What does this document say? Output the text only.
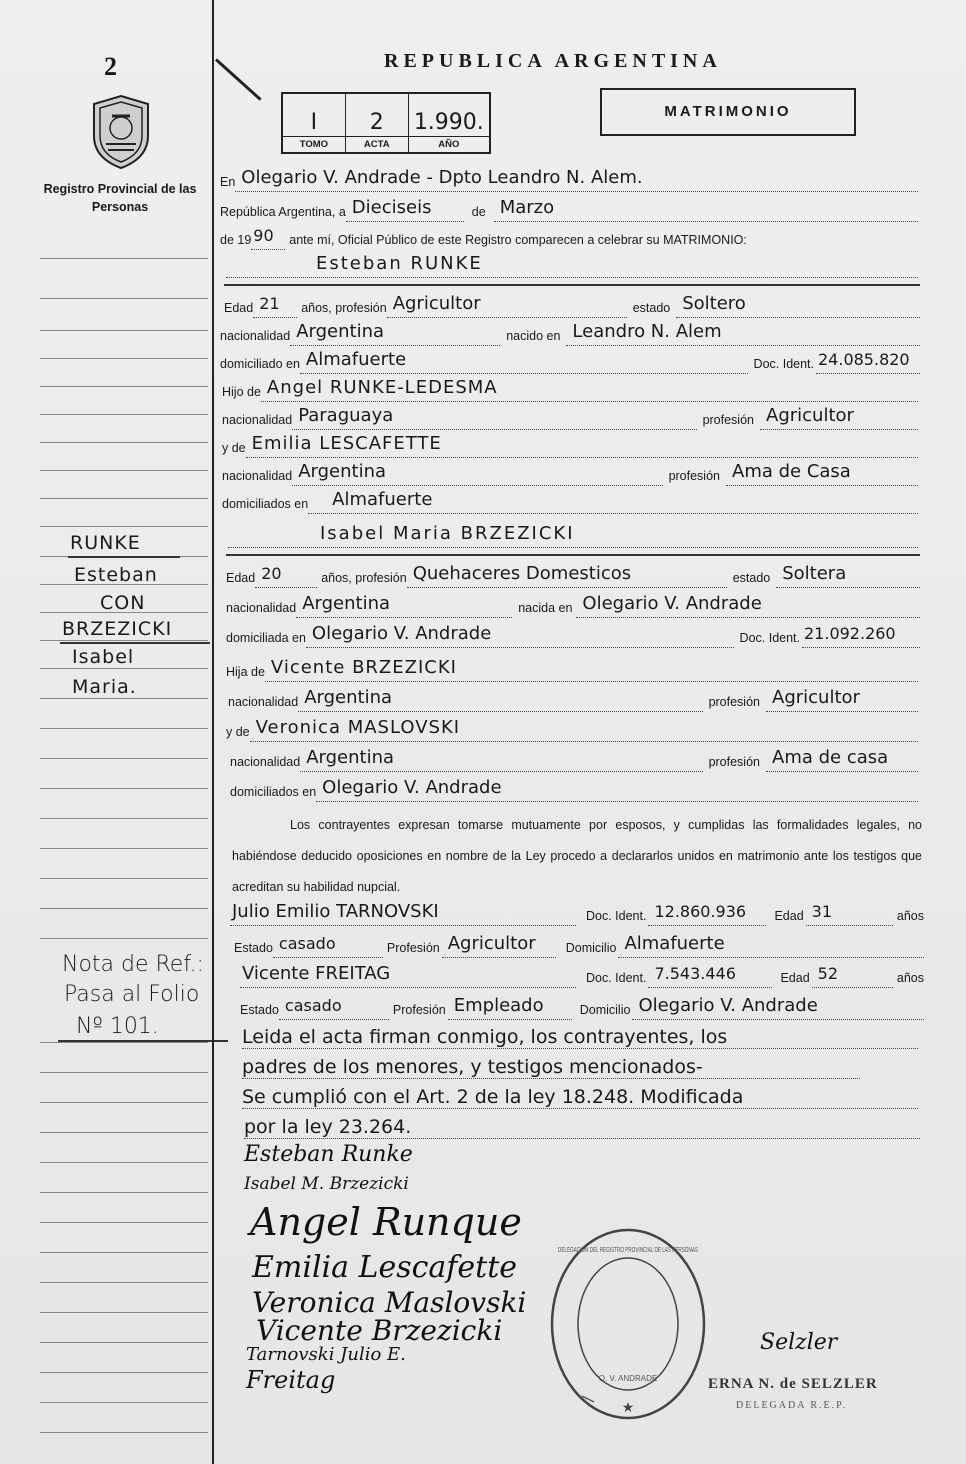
2
Registro Provincial de las Personas
RUNKE
Esteban
CON
BRZEZICKI
Isabel
Maria.
Nota de Ref.:
Pasa al Folio
Nº 101.
REPUBLICA ARGENTINA
I
TOMO
2
ACTA
1.990.
AÑO
MATRIMONIO
En Olegario V. Andrade - Dpto Leandro N. Alem.
República Argentina, a Dieciseis	de Marzo
de 19 90	ante mí, Oficial Público de este Registro comparecen a celebrar su MATRIMONIO:
Esteban RUNKE
Edad 21	años, profesión Agricultor	estado Soltero
nacionalidad Argentina	nacido en Leandro N. Alem
domiciliado en Almafuerte	Doc. Ident. 24.085.820
Hijo de Angel RUNKE-LEDESMA
nacionalidad Paraguaya	profesión Agricultor
y de Emilia LESCAFETTE
nacionalidad Argentina	profesión Ama de Casa
domiciliados en	Almafuerte
Isabel Maria BRZEZICKI
Edad 20	años, profesión Quehaceres Domesticos	estado Soltera
nacionalidad Argentina	nacida en Olegario V. Andrade
domiciliada en Olegario V. Andrade	Doc. Ident. 21.092.260
Hija de Vicente BRZEZICKI
nacionalidad Argentina	profesión Agricultor
y de Veronica MASLOVSKI
nacionalidad Argentina	profesión Ama de casa
domiciliados en Olegario V. Andrade
Los contrayentes expresan tomarse mutuamente por esposos, y cumplidas las formalidades legales, no habiéndose deducido oposiciones en nombre de la Ley procedo a declararlos unidos en matrimonio ante los testigos que acreditan su habilidad nupcial.
Julio Emilio TARNOVSKI	Doc. Ident. 12.860.936	Edad 31	años
Estado casado	Profesión Agricultor	Domicilio Almafuerte
Vicente FREITAG	Doc. Ident. 7.543.446	Edad 52	años
Estado casado	Profesión Empleado	Domicilio Olegario V. Andrade
Leida el acta firman conmigo, los contrayentes, los
padres de los menores, y testigos mencionados-
Se cumplió con el Art. 2 de la ley 18.248. Modificada
por la ley 23.264.
Esteban Runke
Isabel M. Brzezicki
Angel Runque
Emilia Lescafette
Veronica Maslovski
Vicente Brzezicki
Tarnovski Julio E.
Freitag
★
O. V. ANDRADE
DELEGACION DEL REGISTRO PROVINCIAL DE LAS PERSONAS
Selzler
ERNA N. de SELZLER
DELEGADA R.E.P.
